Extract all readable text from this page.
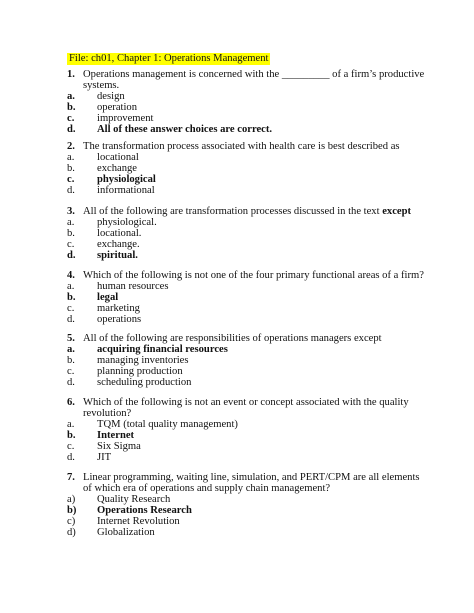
File: ch01, Chapter 1: Operations Management
1. Operations management is concerned with the _________ of a firm’s productive systems.
a.	design
b.	operation
c.	improvement
d.	All of these answer choices are correct.
2. The transformation process associated with health care is best described as
a.	locational
b.	exchange
c.	physiological
d.	informational
3. All of the following are transformation processes discussed in the text except
a.	physiological.
b.	locational.
c.	exchange.
d.	spiritual.
4. Which of the following is not one of the four primary functional areas of a firm?
a.	human resources
b.	legal
c.	marketing
d.	operations
5. All of the following are responsibilities of operations managers except
a.	acquiring financial resources
b.	managing inventories
c.	planning production
d.	scheduling production
6. Which of the following is not an event or concept associated with the quality revolution?
a.	TQM (total quality management)
b.	Internet
c.	Six Sigma
d.	JIT
7. Linear programming, waiting line, simulation, and PERT/CPM are all elements of which era of operations and supply chain management?
a)	Quality Research
b)	Operations Research
c)	Internet Revolution
d)	Globalization
